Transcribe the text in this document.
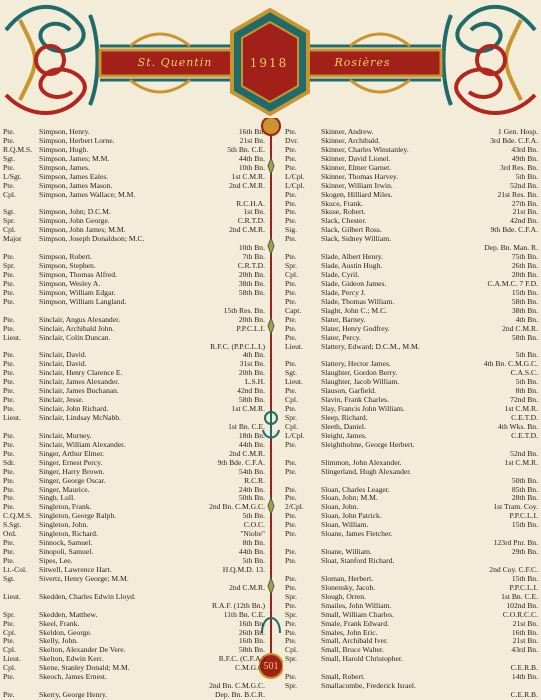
St. Quentin	1918	Rosières
501
Pte.	Simpson, Henry.	16th Bn.
Pte.	Simpson, Herbert Lorne.	21st Bn.
R.Q.M.S. Simpson, Hugh.	5th Bn. C.E.
Sgt.	Simpson, James; M.M.	44th Bn.
Pte.	Simpson, James.	10th Bn.
L/Sgt.	Simpson, James Eales.	1st C.M.R.
Pte.	Simpson, James Mason.	2nd C.M.R.
Cpl.	Simpson, James Wallace; M.M.
R.C.H.A.
Sgt.	Simpson, John; D.C.M.	1st Bn.
Spr.	Simpson, John George.	C.R.T.D.
Cpl.	Simpson, John James; M.M.	2nd C.M.R.
Major	Simpson, Joseph Donaldson; M.C.
10th Bn.
Pte.	Simpson, Robert.	7th Bn.
Spr.	Simpson, Stephen.	C.R.T.D.
Pte.	Simpson, Thomas Alfred.	20th Bn.
Pte.	Simpson, Wesley A.	38th Bn.
Pte.	Simpson, William Edgar.	58th Bn.
Pte.	Simpson, William Langland.
15th Res. Bn.
Pte.	Sinclair, Angus Alexander.	20th Bn.
Pte.	Sinclair, Archibald John.	P.P.C.L.I.
Lieut.	Sinclair, Colin Duncan.
R.F.C. (P.P.C.L.I.)
Pte.	Sinclair, David.	4th Bn.
Pte.	Sinclair, David.	31st Bn.
Pte.	Sinclair, Henry Clarence E.	20th Bn.
Pte.	Sinclair, James Alexander.	L.S.H.
Pte.	Sinclair, James Buchanan.	42nd Bn.
Pte.	Sinclair, Jesse.	58th Bn.
Pte.	Sinclair, John Richard.	1st C.M.R.
Lieut.	Sinclair, Lindsay McNabb.
1st Bn. C.E.
Pte.	Sinclair, Murney.	18th Bn.
Pte.	Sinclair, William Alexander.	44th Bn.
Pte.	Singer, Arthur Elmer.	2nd C.M.R.
Sdr.	Singer, Ernest Percy.	9th Bde. C.F.A.
Pte.	Singer, Harry Brown.	54th Bn.
Pte.	Singer, George Oscar.	R.C.R.
Pte.	Singer, Maurice.	24th Bn.
Pte.	Singh, Lull.	50th Bn.
Pte.	Singleton, Frank.	2nd Bn. C.M.G.C.
C.Q.M.S. Singleton, George Ralph.	5th Bn.
S.Sgt.	Singleton, John.	C.O.C.
Ord.	Singleton, Richard.	"Niobe"
Pte.	Sinnock, Samuel.	8th Bn.
Pte.	Sinopoli, Samuel.	44th Bn.
Pte.	Sipes, Lee.	5th Bn.
Lt.-Col.	Sitwell, Lawrence Hart.	H.Q.M.D. 13.
Sgt.	Sivertz, Henry George; M.M.
2nd C.M.R.
Lieut.	Skedden, Charles Edwin Lloyd.
R.A.F. (12th Bn.)
Spr.	Skedden, Matthew.	11th Bn. C.E.
Pte.	Skeel, Frank.	16th Bn.
Cpl.	Skeldon, George.	26th Bn.
Pte.	Skelly, John.	16th Bn.
Cpl.	Skelton, Alexander De Vere.	58th Bn.
Lieut.	Skelton, Edwin Kerr.	R.F.C. (C.F.A.)
Cpl.	Skene, Stanley Donald; M.M.	C.M.G.C.
Pte.	Skeoch, James Ernest.
2nd Bn. C.M.G.C.
Pte.	Skerry, George Henry.	Dep. Bn. B.C.R.
Pte.	Skinner, Andrew.	1 Gen. Hosp.
Dvr.	Skinner, Archibald.	3rd Bde. C.F.A.
Pte.	Skinner, Charles Winstanley.	43rd Bn.
Pte.	Skinner, David Lionel.	49th Bn.
Pte.	Skinner, Elmer Garnet.	3rd Res. Bn.
L/Cpl.	Skinner, Thomas Harvey.	5th Bn.
L/Cpl.	Skinner, William Irwin.	52nd Bn.
Pte.	Skogen, Hilliard Miles.	21st Res. Bn.
Pte.	Skuce, Frank.	27th Bn.
Pte.	Skuse, Robert.	21st Bn.
Pte.	Slack, Chester.	42nd Bn.
Sig.	Slack, Gilbert Ross.	9th Bde. C.F.A.
Pte.	Slack, Sidney William.
Dep. Bn. Man. R.
Pte.	Slade, Albert Henry.	75th Bn.
Spr.	Slade, Austin Hugh.	26th Bn.
Cpl.	Slade, Cyril.	20th Bn.
Pte.	Slade, Gideon James.	C.A.M.C. 7 F.D.
Pte.	Slade, Percy J.	15th Bn.
Pte.	Slade, Thomas William.	58th Bn.
Capt.	Slaght, John C.; M.C.	38th Bn.
Pte.	Slater, Barney.	4th Bn.
Pte.	Slater, Henry Godfrey.	2nd C.M.R.
Pte.	Slater, Percy.	58th Bn.
Lieut.	Slattery, Edward; D.C.M., M.M.
5th Bn.
Pte.	Slattery, Hector James.	4th Bn. C.M.G.C.
Sgt.	Slaughter, Gordon Berry.	C.A.S.C.
Lieut.	Slaughter, Jacob William.	5th Bn.
Pte.	Slauson, Garfield.	8th Bn.
Cpl.	Slavin, Frank Charles.	72nd Bn.
Pte.	Slay, Francis John William.	1st C.M.R.
Spr.	Sleep, Richard.	C.E.T.D.
Cpl.	Sleeth, Daniel.	4th Wks. Bn.
L/Cpl.	Sleight, James.	C.E.T.D.
Pte.	Sleightholme, George Herbert.
52nd Bn.
Pte.	Slimmon, John Alexander.	1st C.M.R.
Pte.	Slingerland, Hugh Alexander.
50th Bn.
Pte.	Sloan, Charles Leager.	85th Bn.
Pte.	Sloan, John; M.M.	28th Bn.
2/Cpl.	Sloan, John.	1st Tram. Coy.
Pte.	Sloan, John Patrick.	P.P.C.L.I.
Pte.	Sloan, William.	15th Bn.
Pte.	Sloane, James Fletcher.
123rd Pnr. Bn.
Pte.	Sloane, William.	29th Bn.
Pte.	Sloat, Stanford Richard.
2nd Coy. C.F.C.
Pte.	Sloman, Herbert.	15th Bn.
Pte.	Slonensky, Jacob.	P.P.C.L.I.
Spr.	Slough, Orren.	1st Bn. C.E.
Pte.	Smailes, John William.	102nd Bn.
Spr.	Small, William Charles.	C.O.R.C.C.
Pte.	Smale, Frank Edward.	21st Bn.
Pte.	Smales, John Eric.	16th Bn.
Pte.	Small, Archibald Iver.	21st Bn.
Cpl.	Small, Bruce Walter.	43rd Bn.
Spr.	Small, Harold Christopher.
C.E.R.B.
Pte.	Small, Robert.	14th Bn.
Spr.	Smallacombe, Frederick Israel.
C.E.R.B.
